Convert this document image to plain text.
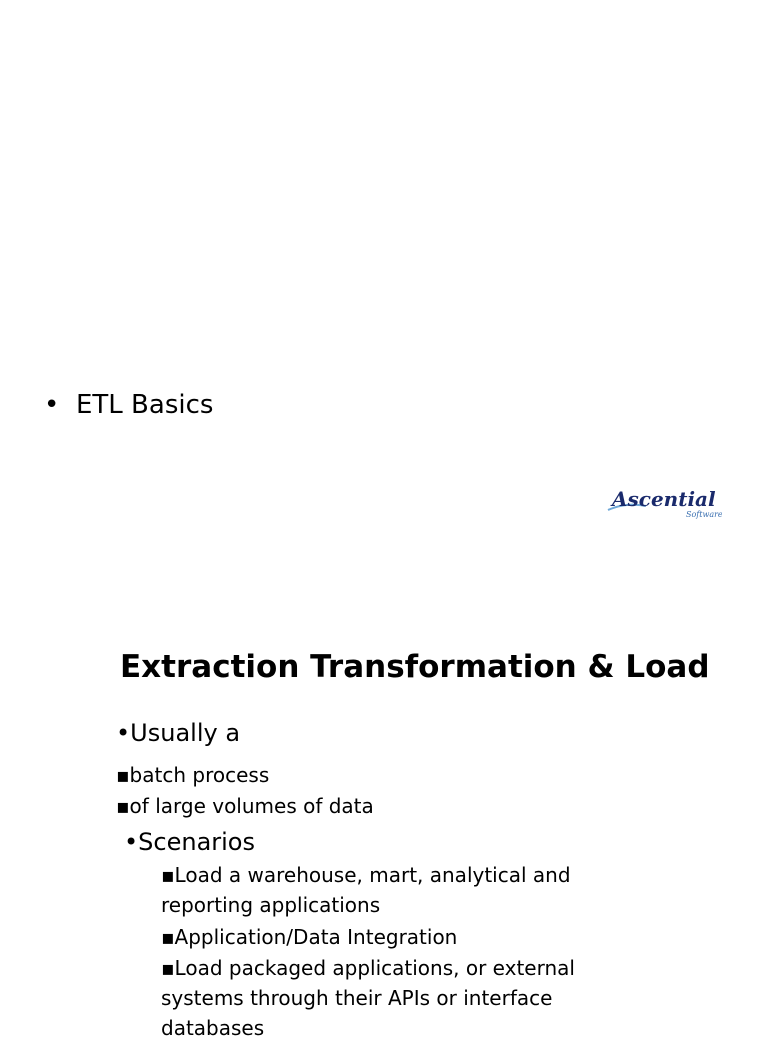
• ETL Basics
Ascential
Software
Extraction Transformation & Load
•Usually a
▪batch process
▪of large volumes of data
•Scenarios
▪Load a warehouse, mart, analytical and reporting applications
▪Application/Data Integration
▪Load packaged applications, or external systems through their APIs or interface databases
